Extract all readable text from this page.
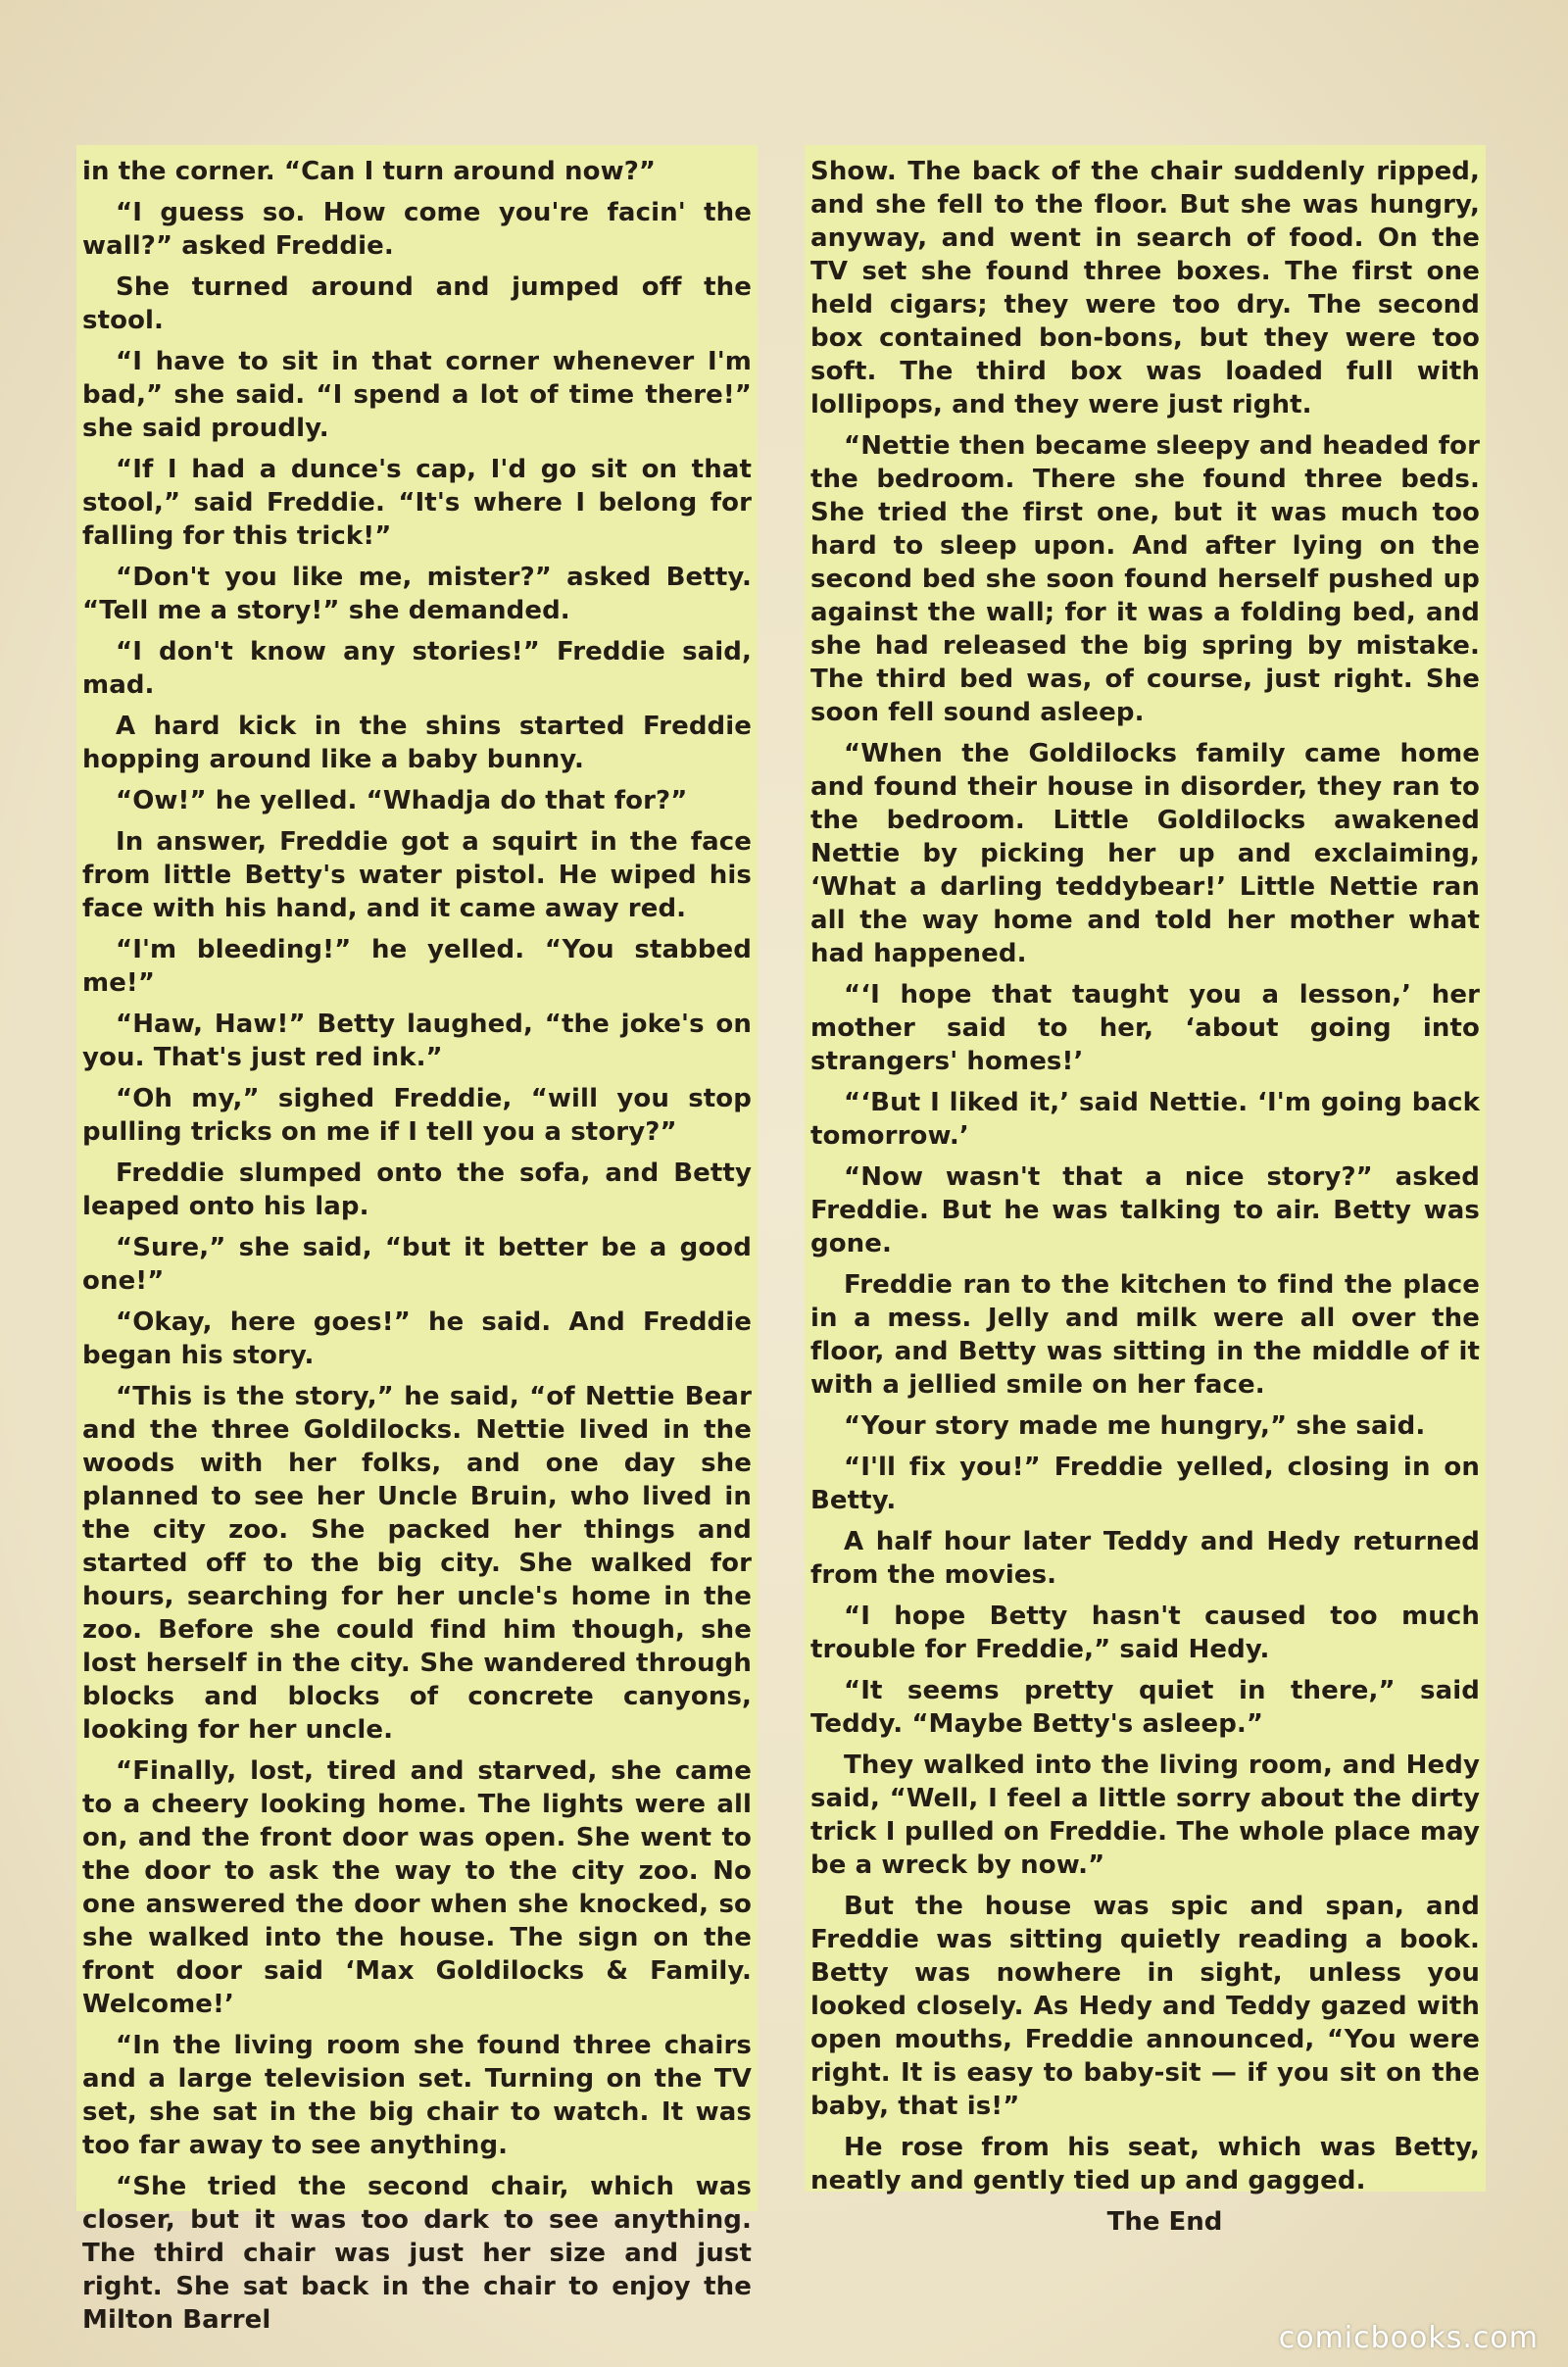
in the corner. “Can I turn around now?”

“I guess so. How come you're facin' the wall?” asked Freddie.

She turned around and jumped off the stool.

“I have to sit in that corner whenever I'm bad,” she said. “I spend a lot of time there!” she said proudly.

“If I had a dunce's cap, I'd go sit on that stool,” said Freddie. “It's where I belong for falling for this trick!”

“Don't you like me, mister?” asked Betty. “Tell me a story!” she demanded.

“I don't know any stories!” Freddie said, mad.

A hard kick in the shins started Freddie hopping around like a baby bunny.

“Ow!” he yelled. “Whadja do that for?”

In answer, Freddie got a squirt in the face from little Betty's water pistol. He wiped his face with his hand, and it came away red.

“I'm bleeding!” he yelled. “You stabbed me!”

“Haw, Haw!” Betty laughed, “the joke's on you. That's just red ink.”

“Oh my,” sighed Freddie, “will you stop pulling tricks on me if I tell you a story?”

Freddie slumped onto the sofa, and Betty leaped onto his lap.

“Sure,” she said, “but it better be a good one!”

“Okay, here goes!” he said. And Freddie began his story.

“This is the story,” he said, “of Nettie Bear and the three Goldilocks. Nettie lived in the woods with her folks, and one day she planned to see her Uncle Bruin, who lived in the city zoo. She packed her things and started off to the big city. She walked for hours, searching for her uncle's home in the zoo. Before she could find him though, she lost herself in the city. She wandered through blocks and blocks of concrete canyons, looking for her uncle.

“Finally, lost, tired and starved, she came to a cheery looking home. The lights were all on, and the front door was open. She went to the door to ask the way to the city zoo. No one answered the door when she knocked, so she walked into the house. The sign on the front door said ‘Max Goldilocks & Family. Welcome!’

“In the living room she found three chairs and a large television set. Turning on the TV set, she sat in the big chair to watch. It was too far away to see anything.

“She tried the second chair, which was closer, but it was too dark to see anything. The third chair was just her size and just right. She sat back in the chair to enjoy the Milton Barrel

Show. The back of the chair suddenly ripped, and she fell to the floor. But she was hungry, anyway, and went in search of food. On the TV set she found three boxes. The first one held cigars; they were too dry. The second box contained bon-bons, but they were too soft. The third box was loaded full with lollipops, and they were just right.

“Nettie then became sleepy and headed for the bedroom. There she found three beds. She tried the first one, but it was much too hard to sleep upon. And after lying on the second bed she soon found herself pushed up against the wall; for it was a folding bed, and she had released the big spring by mistake. The third bed was, of course, just right. She soon fell sound asleep.

“When the Goldilocks family came home and found their house in disorder, they ran to the bedroom. Little Goldilocks awakened Nettie by picking her up and exclaiming, ‘What a darling teddybear!’ Little Nettie ran all the way home and told her mother what had happened.

“‘I hope that taught you a lesson,’ her mother said to her, ‘about going into strangers' homes!’

“‘But I liked it,’ said Nettie. ‘I'm going back tomorrow.’

“Now wasn't that a nice story?” asked Freddie. But he was talking to air. Betty was gone.

Freddie ran to the kitchen to find the place in a mess. Jelly and milk were all over the floor, and Betty was sitting in the middle of it with a jellied smile on her face.

“Your story made me hungry,” she said.

“I'll fix you!” Freddie yelled, closing in on Betty.

A half hour later Teddy and Hedy returned from the movies.

“I hope Betty hasn't caused too much trouble for Freddie,” said Hedy.

“It seems pretty quiet in there,” said Teddy. “Maybe Betty's asleep.”

They walked into the living room, and Hedy said, “Well, I feel a little sorry about the dirty trick I pulled on Freddie. The whole place may be a wreck by now.”

But the house was spic and span, and Freddie was sitting quietly reading a book. Betty was nowhere in sight, unless you looked closely. As Hedy and Teddy gazed with open mouths, Freddie announced, “You were right. It is easy to baby-sit — if you sit on the baby, that is!”

He rose from his seat, which was Betty, neatly and gently tied up and gagged.

The End

comicbooks.com
